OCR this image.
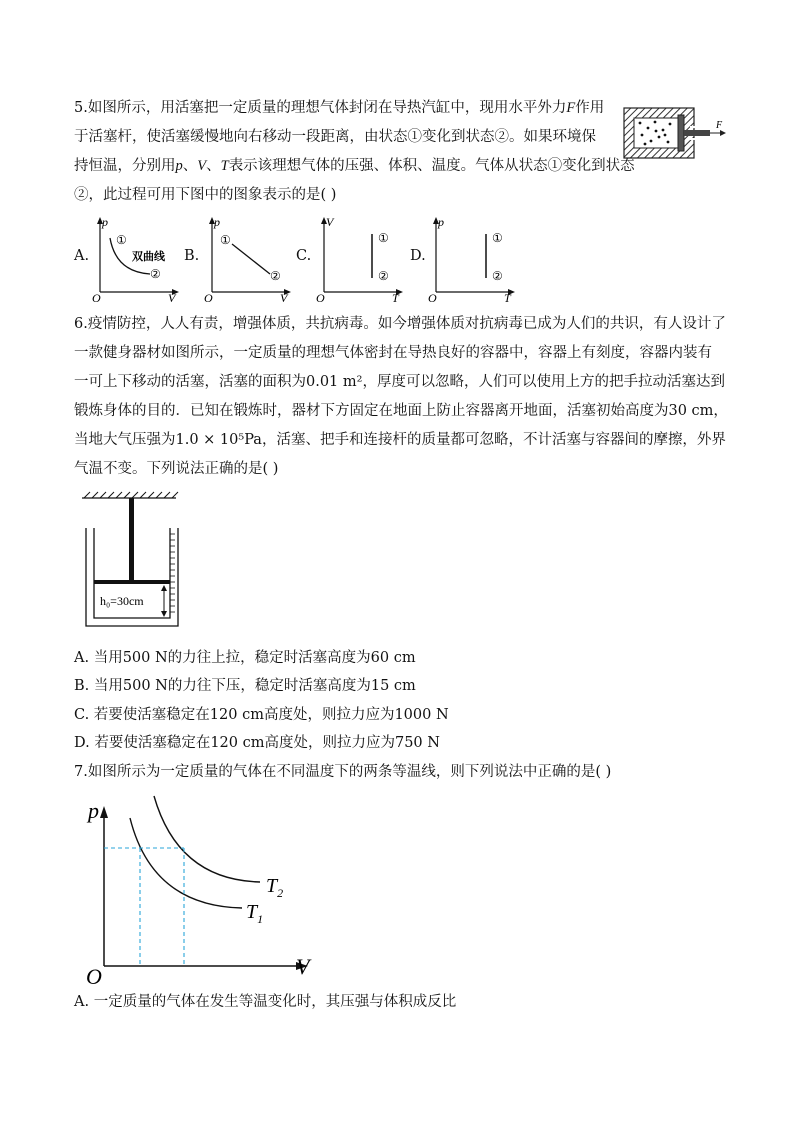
5.如图所示，用活塞把一定质量的理想气体封闭在导热汽缸中，现用水平外力F作用
于活塞杆，使活塞缓慢地向右移动一段距离，由状态①变化到状态②。如果环境保
持恒温，分别用p、V、T表示该理想气体的压强、体积、温度。气体从状态①变化到状态
②，此过程可用下图中的图象表示的是( )
F
A.
p
V
O
①
双曲线
②
B.
p
V
O
①
②
C.
V
T
O
①
②
D.
p
T
O
①
②
6.疫情防控，人人有责，增强体质，共抗病毒。如今增强体质对抗病毒已成为人们的共识，有人设计了
一款健身器材如图所示，一定质量的理想气体密封在导热良好的容器中，容器上有刻度，容器内装有
一可上下移动的活塞，活塞的面积为0.01 m²，厚度可以忽略，人们可以使用上方的把手拉动活塞达到
锻炼身体的目的．已知在锻炼时，器材下方固定在地面上防止容器离开地面，活塞初始高度为30 cm，
当地大气压强为1.0 × 10⁵Pa，活塞、把手和连接杆的质量都可忽略，不计活塞与容器间的摩擦，外界
气温不变。下列说法正确的是( )
h₀=30cm
A. 当用500 N的力往上拉，稳定时活塞高度为60 cm
B. 当用500 N的力往下压，稳定时活塞高度为15 cm
C. 若要使活塞稳定在120 cm高度处，则拉力应为1000 N
D. 若要使活塞稳定在120 cm高度处，则拉力应为750 N
7.如图所示为一定质量的气体在不同温度下的两条等温线，则下列说法中正确的是( )
p
V
O
$T_2$
$T_1$
A. 一定质量的气体在发生等温变化时，其压强与体积成反比
